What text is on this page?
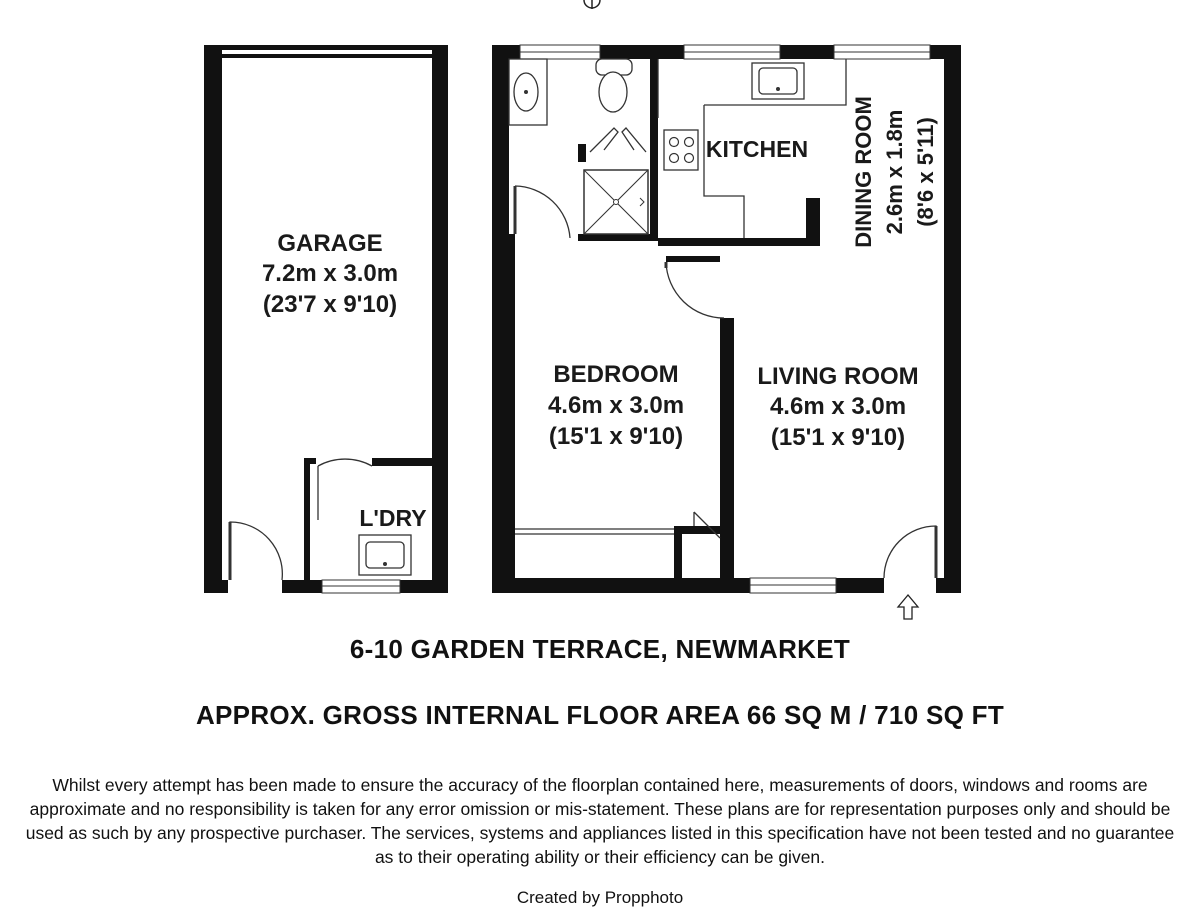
GARAGE
7.2m x 3.0m
(23'7 x 9'10)
L'DRY
KITCHEN DINING ROOM 2.6m x 1.8m (8'6 x 5'11)
BEDROOM
4.6m x 3.0m
(15'1 x 9'10)
LIVING ROOM
4.6m x 3.0m
(15'1 x 9'10)
6-10 GARDEN TERRACE, NEWMARKET
APPROX. GROSS INTERNAL FLOOR AREA 66 SQ M / 710 SQ FT
Whilst every attempt has been made to ensure the accuracy of the floorplan contained here, measurements of doors, windows and rooms are approximate and no responsibility is taken for any error omission or mis-statement. These plans are for representation purposes only and should be used as such by any prospective purchaser. The services, systems and appliances listed in this specification have not been tested and no guarantee as to their operating ability or their efficiency can be given.
Created by Propphoto
